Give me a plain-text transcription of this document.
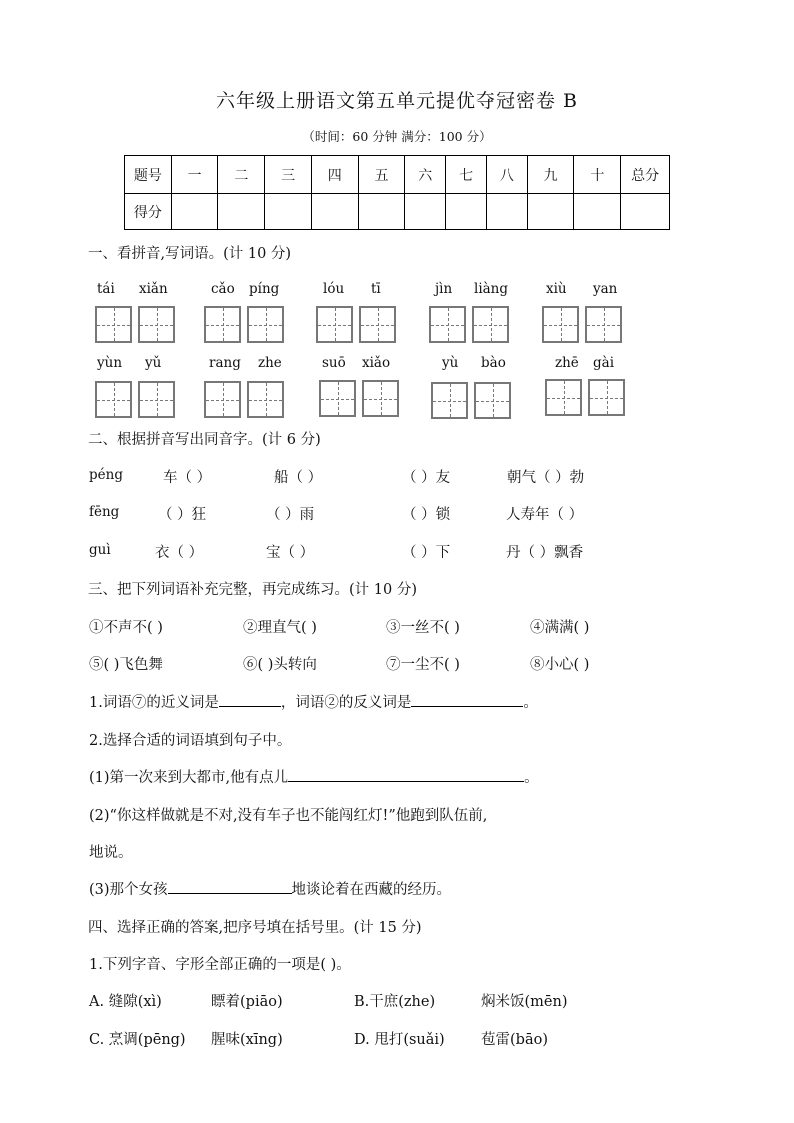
六年级上册语文第五单元提优夺冠密卷 B
（时间：60 分钟 满分：100 分）
题号	一	二	三	四	五	六	七	八	九	十	总分
得分											
一、看拼音,写词语。(计 10 分)
tái xiǎn	cǎo píng	lóu tī	jìn liàng	xiù yan
yùn yǔ	rang zhe	suō xiǎo	yù bào	zhē gài
二、根据拼音写出同音字。(计 6 分)
péng	车（ ）	船（ ）	（ ）友	朝气（ ）勃
fēng	（ ）狂	（ ）雨	（ ）锁	人寿年（ ）
guì	衣（ ）	宝（ ）	（ ）下	丹（ ）飘香
三、把下列词语补充完整，再完成练习。(计 10 分)
①不声不( )	②理直气( )	③一丝不( )	④满满( )
⑤( )飞色舞	⑥( )头转向	⑦一尘不( )	⑧小心( )
1.词语⑦的近义词是	，词语②的反义词是	。
2.选择合适的词语填到句子中。
(1)第一次来到大都市,他有点儿	。
(2)“你这样做就是不对,没有车子也不能闯红灯!”他跑到队伍前,
地说。
(3)那个女孩	地谈论着在西藏的经历。
四、选择正确的答案,把序号填在括号里。(计 15 分)
1.下列字音、字形全部正确的一项是( )。
A. 缝隙(xì)	瞟着(piāo)	B.干庶(zhe)	焖米饭(mēn)
C. 烹调(pēng) 腥味(xīng)	D. 甩打(suǎi)	苞雷(bāo)
